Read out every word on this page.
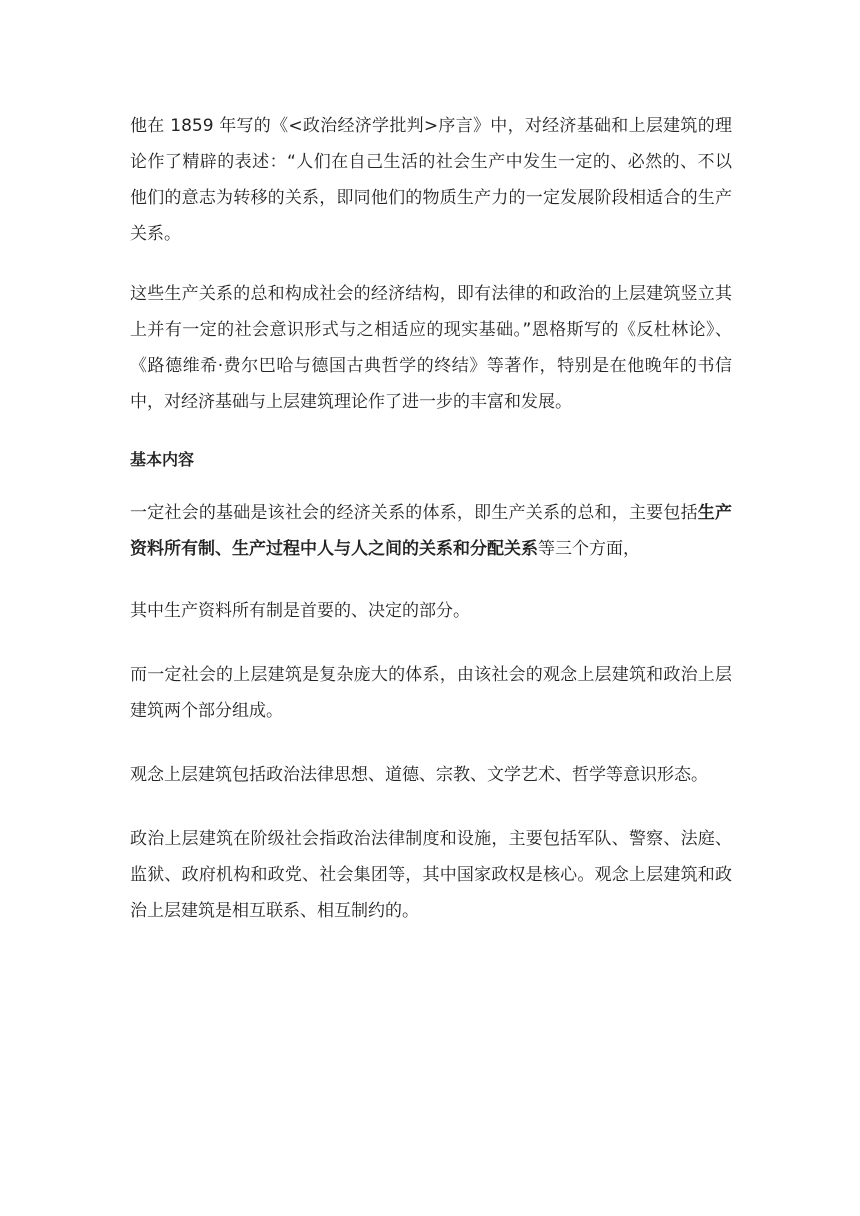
他在 1859 年写的《<政治经济学批判>序言》中，对经济基础和上层建筑的理论作了精辟的表述：“人们在自己生活的社会生产中发生一定的、必然的、不以他们的意志为转移的关系，即同他们的物质生产力的一定发展阶段相适合的生产关系。

这些生产关系的总和构成社会的经济结构，即有法律的和政治的上层建筑竖立其上并有一定的社会意识形式与之相适应的现实基础。”恩格斯写的《反杜林论》、《路德维希·费尔巴哈与德国古典哲学的终结》等著作，特别是在他晚年的书信中，对经济基础与上层建筑理论作了进一步的丰富和发展。

基本内容

一定社会的基础是该社会的经济关系的体系，即生产关系的总和，主要包括生产资料所有制、生产过程中人与人之间的关系和分配关系等三个方面，

其中生产资料所有制是首要的、决定的部分。

而一定社会的上层建筑是复杂庞大的体系，由该社会的观念上层建筑和政治上层建筑两个部分组成。

观念上层建筑包括政治法律思想、道德、宗教、文学艺术、哲学等意识形态。

政治上层建筑在阶级社会指政治法律制度和设施，主要包括军队、警察、法庭、监狱、政府机构和政党、社会集团等，其中国家政权是核心。观念上层建筑和政治上层建筑是相互联系、相互制约的。
